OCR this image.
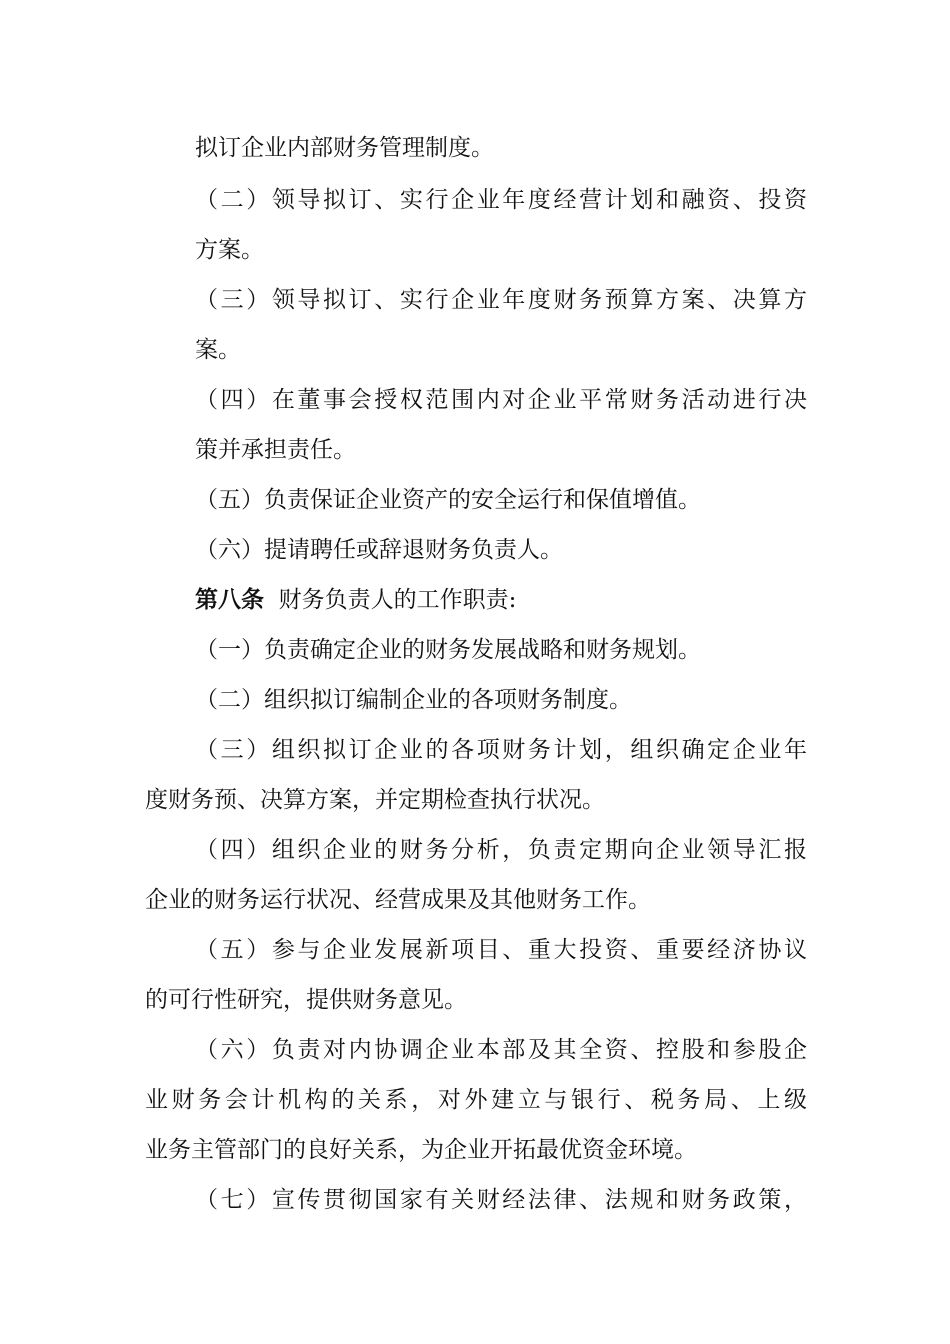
拟订企业内部财务管理制度。
（二）领导拟订、实行企业年度经营计划和融资、投资
方案。
（三）领导拟订、实行企业年度财务预算方案、决算方
案。
（四）在董事会授权范围内对企业平常财务活动进行决
策并承担责任。
（五）负责保证企业资产的安全运行和保值增值。
（六）提请聘任或辞退财务负责人。
第八条 财务负责人的工作职责:
（一）负责确定企业的财务发展战略和财务规划。
（二）组织拟订编制企业的各项财务制度。
（三）组织拟订企业的各项财务计划，组织确定企业年
度财务预、决算方案，并定期检查执行状况。
（四）组织企业的财务分析，负责定期向企业领导汇报
企业的财务运行状况、经营成果及其他财务工作。
（五）参与企业发展新项目、重大投资、重要经济协议
的可行性研究，提供财务意见。
（六）负责对内协调企业本部及其全资、控股和参股企
业财务会计机构的关系，对外建立与银行、税务局、上级
业务主管部门的良好关系，为企业开拓最优资金环境。
（七）宣传贯彻国家有关财经法律、法规和财务政策，
